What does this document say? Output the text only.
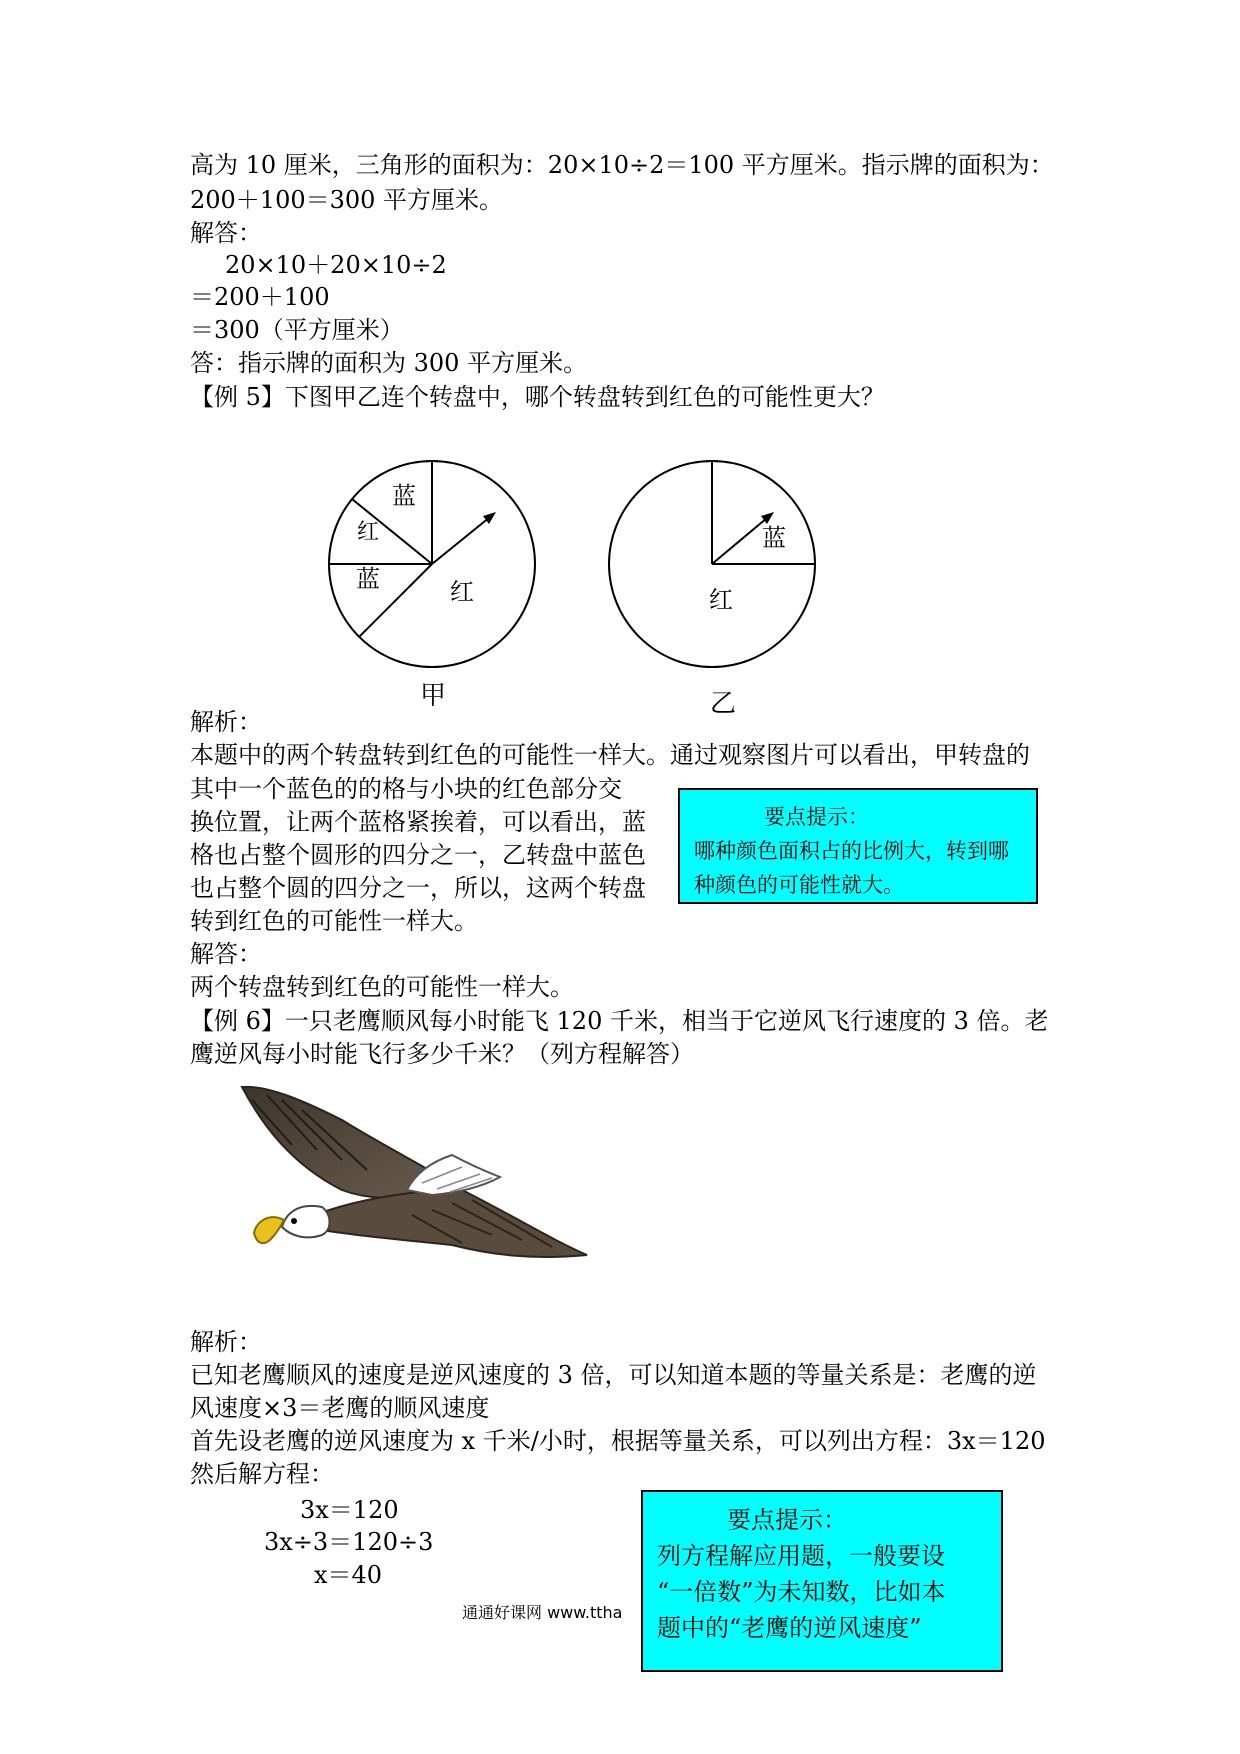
高为 10 厘米，三角形的面积为：20×10÷2＝100 平方厘米。指示牌的面积为：
200＋100＝300 平方厘米。
解答：
20×10＋20×10÷2
＝200＋100
＝300（平方厘米）
答：指示牌的面积为 300 平方厘米。
【例 5】下图甲乙连个转盘中，哪个转盘转到红色的可能性更大？
蓝
红
蓝	红
甲
蓝
红
乙
解析：
本题中的两个转盘转到红色的可能性一样大。通过观察图片可以看出，甲转盘的
其中一个蓝色的的格与小块的红色部分交
换位置，让两个蓝格紧挨着，可以看出，蓝
格也占整个圆形的四分之一，乙转盘中蓝色
也占整个圆的四分之一，所以，这两个转盘
转到红色的可能性一样大。
解答：
两个转盘转到红色的可能性一样大。
【例 6】一只老鹰顺风每小时能飞 120 千米，相当于它逆风飞行速度的 3 倍。老
鹰逆风每小时能飞行多少千米？（列方程解答）
要点提示：
哪种颜色面积占的比例大，转到哪
种颜色的可能性就大。
解析：
已知老鹰顺风的速度是逆风速度的 3 倍，可以知道本题的等量关系是：老鹰的逆
风速度×3＝老鹰的顺风速度
首先设老鹰的逆风速度为 x 千米/小时，根据等量关系，可以列出方程：3x＝120
然后解方程：
3x＝120
3x÷3＝120÷3
x＝40
通通好课网 www.ttha
要点提示：
列方程解应用题，一般要设
“一倍数”为未知数，比如本
题中的“老鹰的逆风速度”
